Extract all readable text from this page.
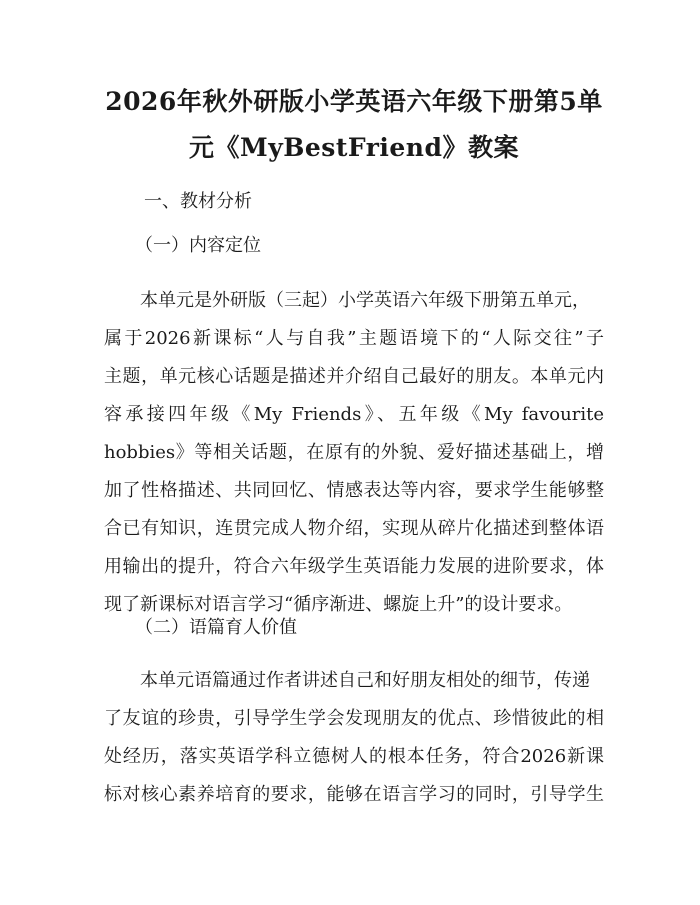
2026年秋外研版小学英语六年级下册第5单
元《MyBestFriend》教案
一、教材分析
（一）内容定位
本单元是外研版（三起）小学英语六年级下册第五单元，
属于2026新课标“人与自我”主题语境下的“人际交往”子
主题，单元核心话题是描述并介绍自己最好的朋友。本单元内
容承接四年级《My Friends》、五年级《My favourite
hobbies》等相关话题，在原有的外貌、爱好描述基础上，增
加了性格描述、共同回忆、情感表达等内容，要求学生能够整
合已有知识，连贯完成人物介绍，实现从碎片化描述到整体语
用输出的提升，符合六年级学生英语能力发展的进阶要求，体
现了新课标对语言学习“循序渐进、螺旋上升”的设计要求。
（二）语篇育人价值
本单元语篇通过作者讲述自己和好朋友相处的细节，传递
了友谊的珍贵，引导学生学会发现朋友的优点、珍惜彼此的相
处经历，落实英语学科立德树人的根本任务，符合2026新课
标对核心素养培育的要求，能够在语言学习的同时，引导学生
